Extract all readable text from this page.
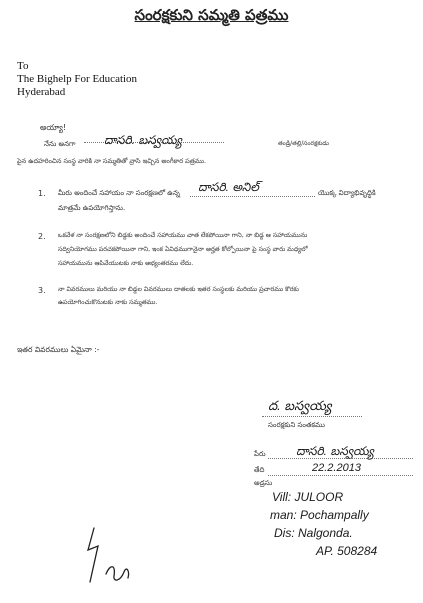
సంరక్షకుని సమ్మతి పత్రము
To
The Bighelp For Education
Hyderabad
అయ్యా!
నేను అనగా దాసరి. బస్వయ్య	తండ్రి/తల్లి/సంరక్షకుడు
పైన ఉదహరించిన సంస్థ వారికి నా సమ్మతితో వ్రాసి ఇచ్చిన అంగీకార పత్రము.
1. మీరు అందించే సహాయం నా సంరక్షణలో ఉన్న దాసరి. అనిల్	యొక్క విద్యాభివృద్ధికి
మాత్రమే ఉపయోగిస్తాను.
2. ఒకవేళ నా సంరక్షణలోని బిడ్డకు అందించే సహాయము చాత లేకపోయినా గాని, నా బిడ్డ ఆ సహాయమును
సద్వినియోగము పరచకపోయినా గాని, ఇంక ఏవిధముగానైనా అర్హత కోల్పోయినా పై సంస్థ వారు మధ్యలో
సహాయమును ఆపివేయుటకు నాకు అభ్యంతరము లేదు.
3. నా వివరములు మరియు నా బిడ్డల వివరములు దాతలకు ఇతర సంస్థలకు మరియు ప్రచారము కొరకు
ఉపయోగించుకొనుటకు నాకు సమ్మతము.
ఇతర వివరములు ఏమైనా :-
ద. బస్వయ్య
సంరక్షకుని సంతకము
పేరు	దాసరి. బస్వయ్య
తేది	22.2.2013
అడ్రసు
Vill: JULOOR
man: Pochampally
Dis: Nalgonda.
AP. 508284
